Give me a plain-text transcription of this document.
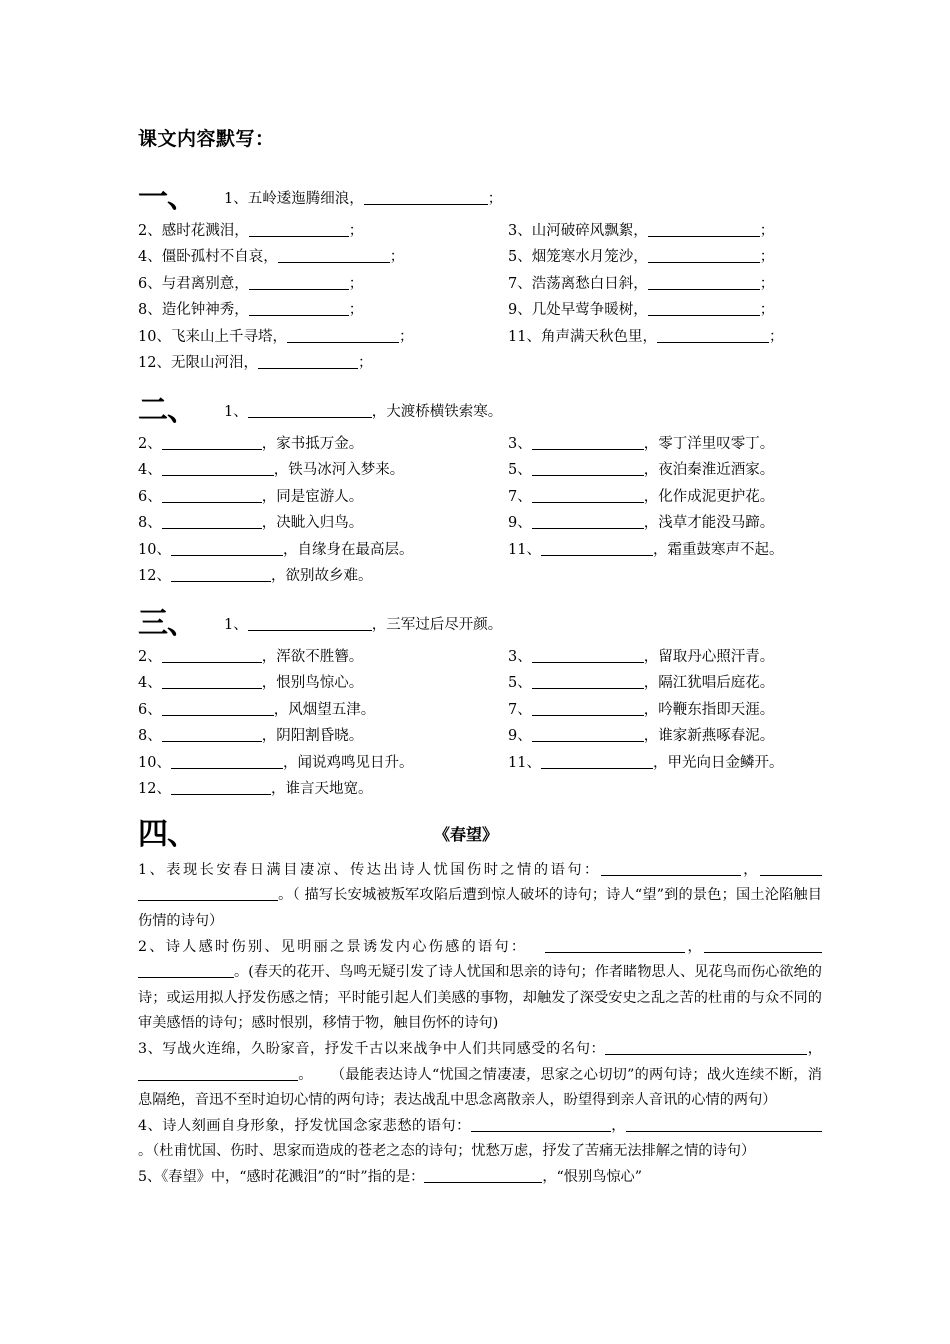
课文内容默写：
一、	1、五岭逶迤腾细浪，	；
2、感时花溅泪，	；	3、山河破碎风飘絮，	；
4、僵卧孤村不自哀，	；	5、烟笼寒水月笼沙，	；
6、与君离别意，	；	7、浩荡离愁白日斜，	；
8、造化钟神秀，	；	9、几处早莺争暖树，	；
10、飞来山上千寻塔，	；	11、角声满天秋色里，	；
12、无限山河泪，	；
二、	1、	，大渡桥横铁索寒。
2、	，家书抵万金。	3、	，零丁洋里叹零丁。
4、	，铁马冰河入梦来。	5、	，夜泊秦淮近酒家。
6、	，同是宦游人。	7、	，化作成泥更护花。
8、	，决眦入归鸟。	9、	，浅草才能没马蹄。
10、	，自缘身在最高层。	11、	，霜重鼓寒声不起。
12、	，欲别故乡难。
三、	1、	，三军过后尽开颜。
2、	，浑欲不胜簪。	3、	，留取丹心照汗青。
4、	，恨别鸟惊心。	5、	，隔江犹唱后庭花。
6、	，风烟望五津。	7、	，吟鞭东指即天涯。
8、	，阴阳割昏晓。	9、	，谁家新燕啄春泥。
10、	，闻说鸡鸣见日升。	11、	，甲光向日金鳞开。
12、	，谁言天地宽。
四、	《春望》

1、表现长安春日满目凄凉、传达出诗人忧国伤时之情的语句：	，。（ 描写长安城被叛军攻陷后遭到惊人破坏的诗句；诗人“望”到的景色；国土沦陷触目伤情的诗句）

2、诗人感时伤别、见明丽之景诱发内心伤感的语句：	，。(春天的花开、鸟鸣无疑引发了诗人忧国和思亲的诗句；作者睹物思人、见花鸟而伤心欲绝的诗；或运用拟人抒发伤感之情；平时能引起人们美感的事物，却触发了深受安史之乱之苦的杜甫的与众不同的审美感悟的诗句；感时恨别，移情于物，触目伤怀的诗句)

3、写战火连绵，久盼家音，抒发千古以来战争中人们共同感受的名句：	，。 （最能表达诗人“忧国之情凄凄，思家之心切切”的两句诗；战火连续不断，消息隔绝，音迅不至时迫切心情的两句诗；表达战乱中思念离散亲人，盼望得到亲人音讯的心情的两句）

4、诗人刻画自身形象，抒发忧国念家悲愁的语句：	，。（杜甫忧国、伤时、思家而造成的苍老之态的诗句；忧愁万虑，抒发了苦痛无法排解之情的诗句）

5、《春望》中，“感时花溅泪”的“时”指的是：	，“恨别鸟惊心”
